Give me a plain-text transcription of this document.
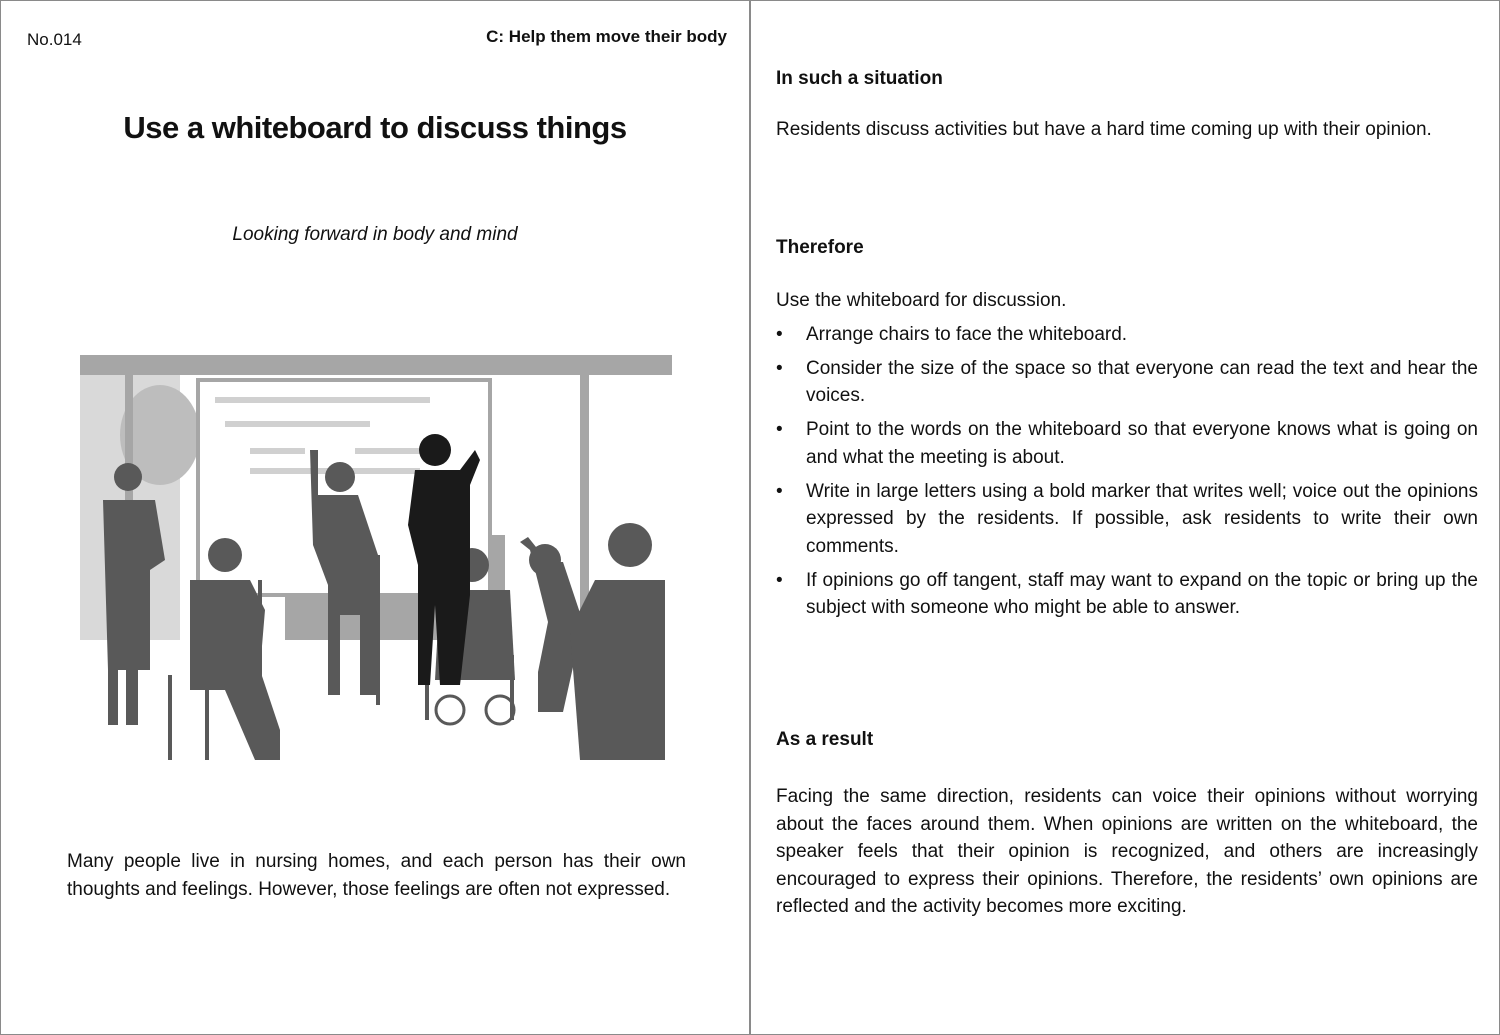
No.014	C: Help them move their body
Use a whiteboard to discuss things
Looking forward in body and mind
Many people live in nursing homes, and each person has their own thoughts and feelings. However, those feelings are often not expressed.
In such a situation
Residents discuss activities but have a hard time coming up with their opinion.
Therefore
Use the whiteboard for discussion.
• Arrange chairs to face the whiteboard.
• Consider the size of the space so that everyone can read the text and hear the voices.
• Point to the words on the whiteboard so that everyone knows what is going on and what the meeting is about.
• Write in large letters using a bold marker that writes well; voice out the opinions expressed by the residents. If possible, ask residents to write their own comments.
• If opinions go off tangent, staff may want to expand on the topic or bring up the subject with someone who might be able to answer.
As a result
Facing the same direction, residents can voice their opinions without worrying about the faces around them. When opinions are written on the whiteboard, the speaker feels that their opinion is recognized, and others are increasingly encouraged to express their opinions. Therefore, the residents’ own opinions are reflected and the activity becomes more exciting.
